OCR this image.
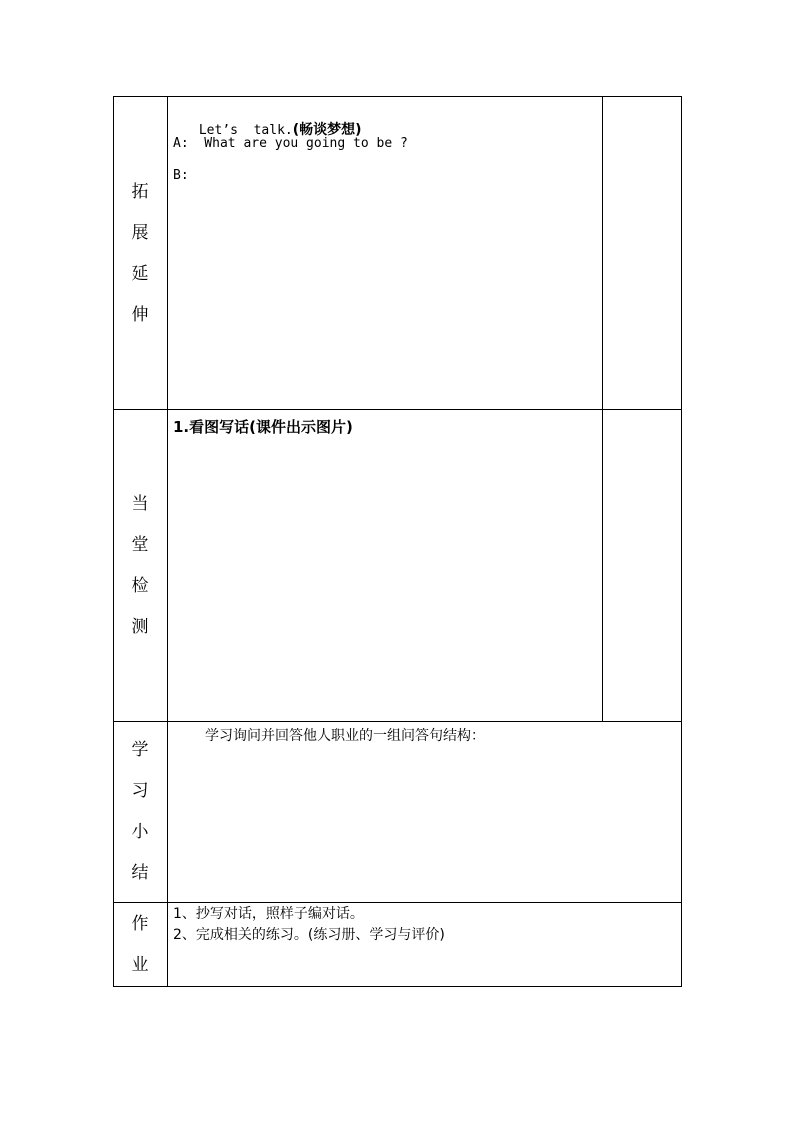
拓
展
延
伸

Let’s  talk.(畅谈梦想)

A:  What are you going to be ?
B:
当
堂
检
测
1.看图写话(课件出示图片)
学
习
小
结
学习询问并回答他人职业的一组问答句结构：
作
业
1、抄写对话，照样子编对话。
2、完成相关的练习。(练习册、学习与评价)
